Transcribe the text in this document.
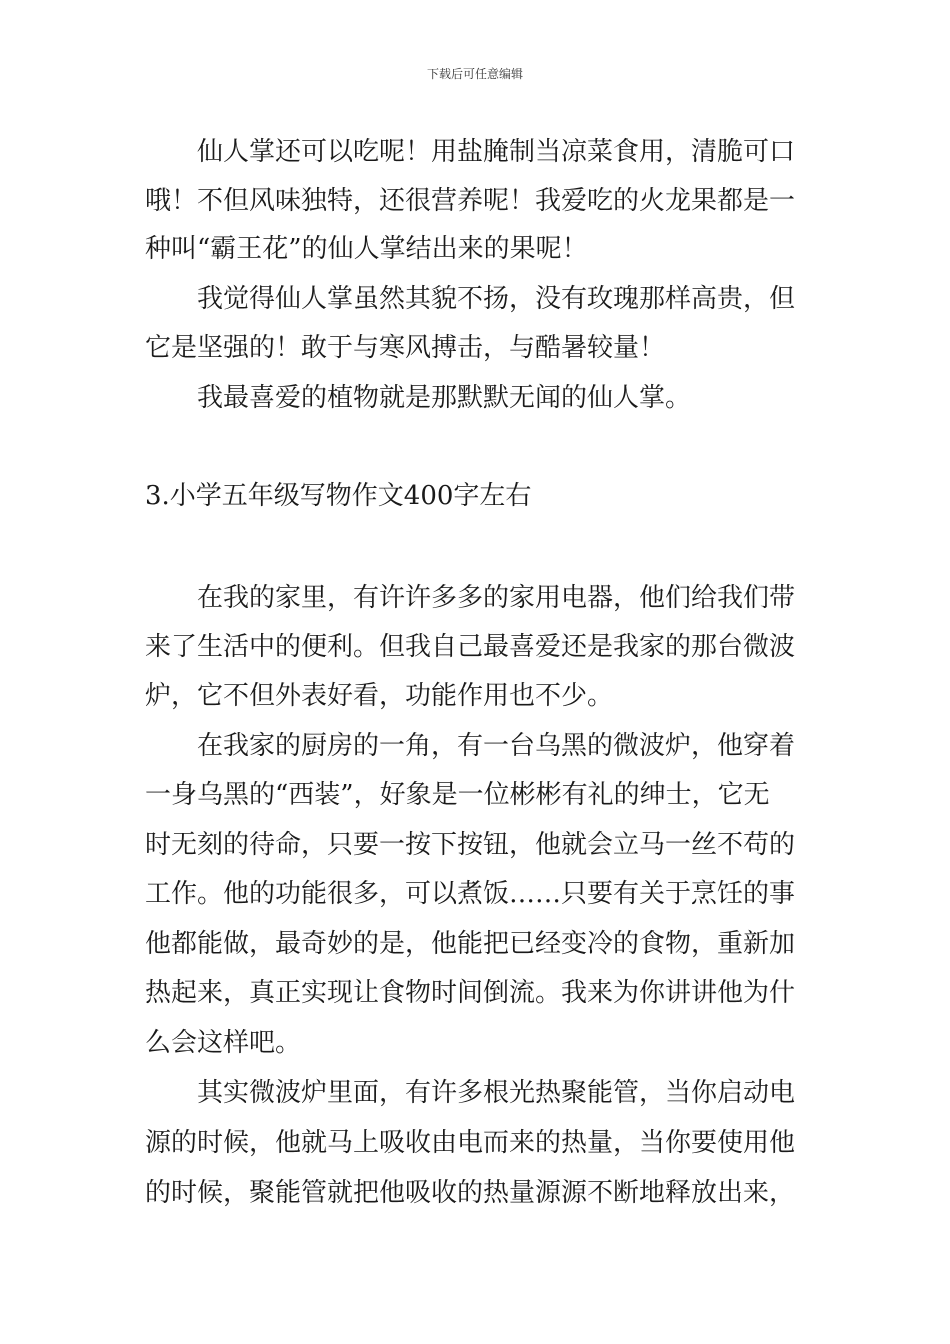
下载后可任意编辑

仙人掌还可以吃呢！用盐腌制当凉菜食用，清脆可口

哦！不但风味独特，还很营养呢！我爱吃的火龙果都是一

种叫“霸王花”的仙人掌结出来的果呢！

我觉得仙人掌虽然其貌不扬，没有玫瑰那样高贵，但

它是坚强的！敢于与寒风搏击，与酷暑较量！

我最喜爱的植物就是那默默无闻的仙人掌。

3.小学五年级写物作文400字左右

在我的家里，有许许多多的家用电器，他们给我们带

来了生活中的便利。但我自己最喜爱还是我家的那台微波

炉，它不但外表好看，功能作用也不少。

在我家的厨房的一角，有一台乌黑的微波炉，他穿着

一身乌黑的“西装”，好象是一位彬彬有礼的绅士，它无

时无刻的待命，只要一按下按钮，他就会立马一丝不苟的

工作。他的功能很多，可以煮饭……只要有关于烹饪的事

他都能做，最奇妙的是，他能把已经变冷的食物，重新加

热起来，真正实现让食物时间倒流。我来为你讲讲他为什

么会这样吧。

其实微波炉里面，有许多根光热聚能管，当你启动电

源的时候，他就马上吸收由电而来的热量，当你要使用他

的时候，聚能管就把他吸收的热量源源不断地释放出来，
